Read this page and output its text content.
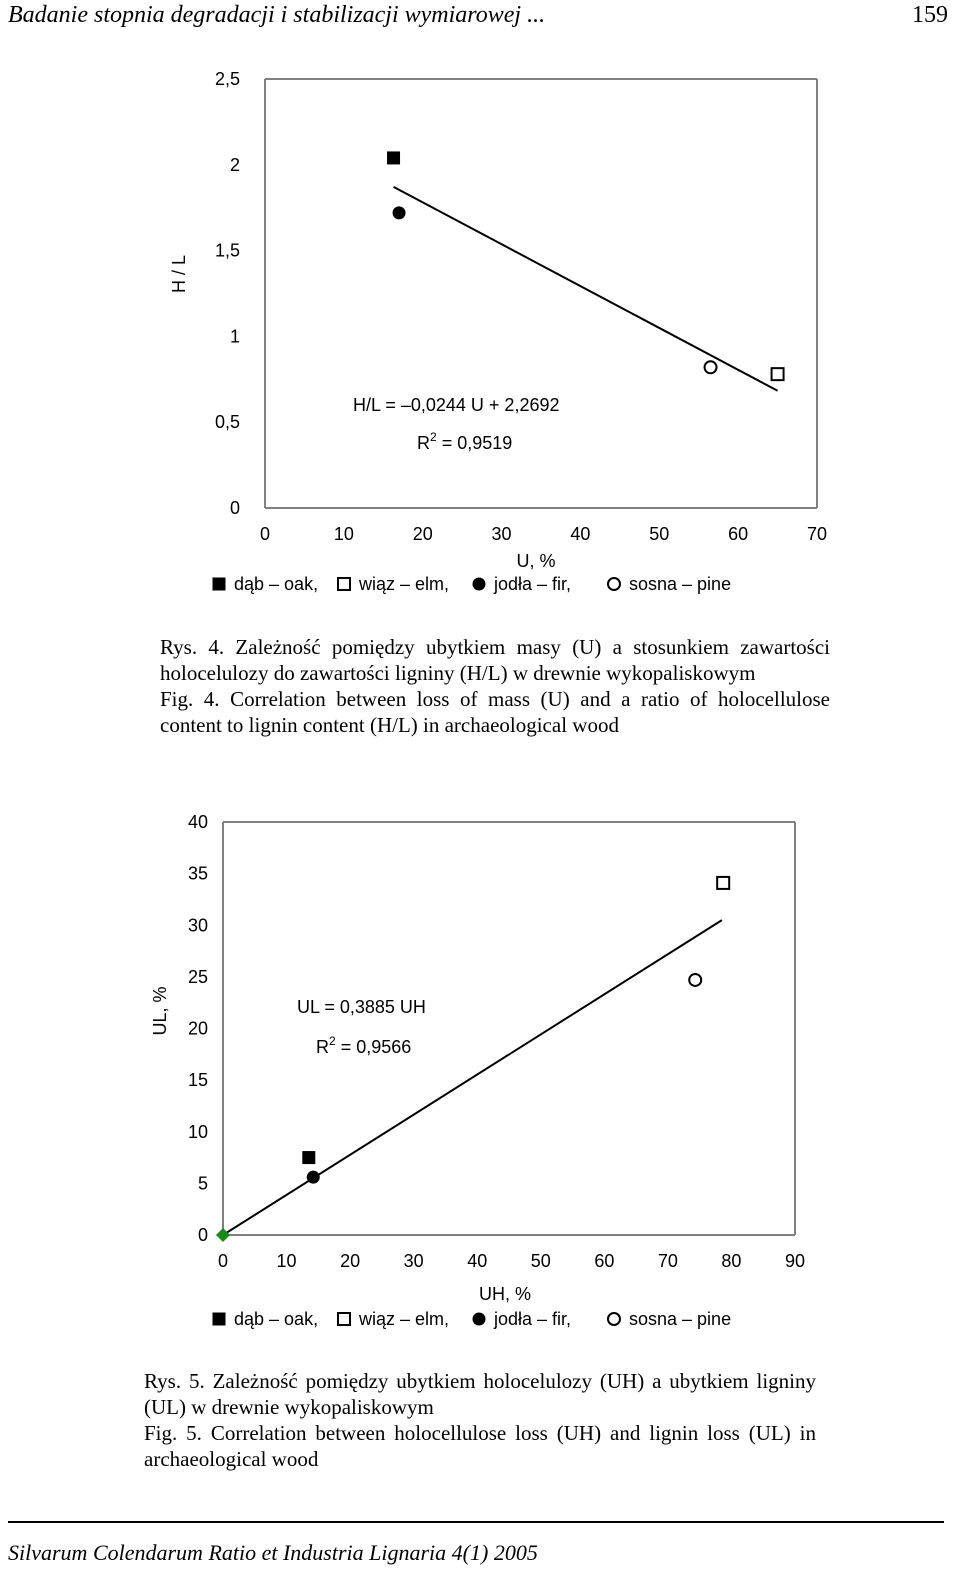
Badanie stopnia degradacji i stabilizacji wymiarowej ...	159
0
0,5
1
1,5
2
2,5
0	10	20	30	40	50	60	70
H / L
U, %
H/L = –0,0244 U + 2,2692
$R^2 = 0,9519$
dąb – oak, wiąz – elm, jodła – fir,	sosna – pine

Rys. 4. Zależność pomiędzy ubytkiem masy (U) a stosunkiem zawartości holocelulozy do zawartości ligniny (H/L) w drewnie wykopaliskowym

Fig. 4. Correlation between loss of mass (U) and a ratio of holocellulose content to lignin content (H/L) in archaeological wood

0
5
10
15
20
25
30
35
40
0	10 20 30 40 50 60 70 80 90
UL, %
UH, %
UL = 0,3885 UH
$R^2 = 0,9566$
dąb – oak, wiąz – elm, jodła – fir,	sosna – pine

Rys. 5. Zależność pomiędzy ubytkiem holocelulozy (UH) a ubytkiem ligniny (UL) w drewnie wykopaliskowym

Fig. 5. Correlation between holocellulose loss (UH) and lignin loss (UL) in archaeological wood

Silvarum Colendarum Ratio et Industria Lignaria 4(1) 2005
